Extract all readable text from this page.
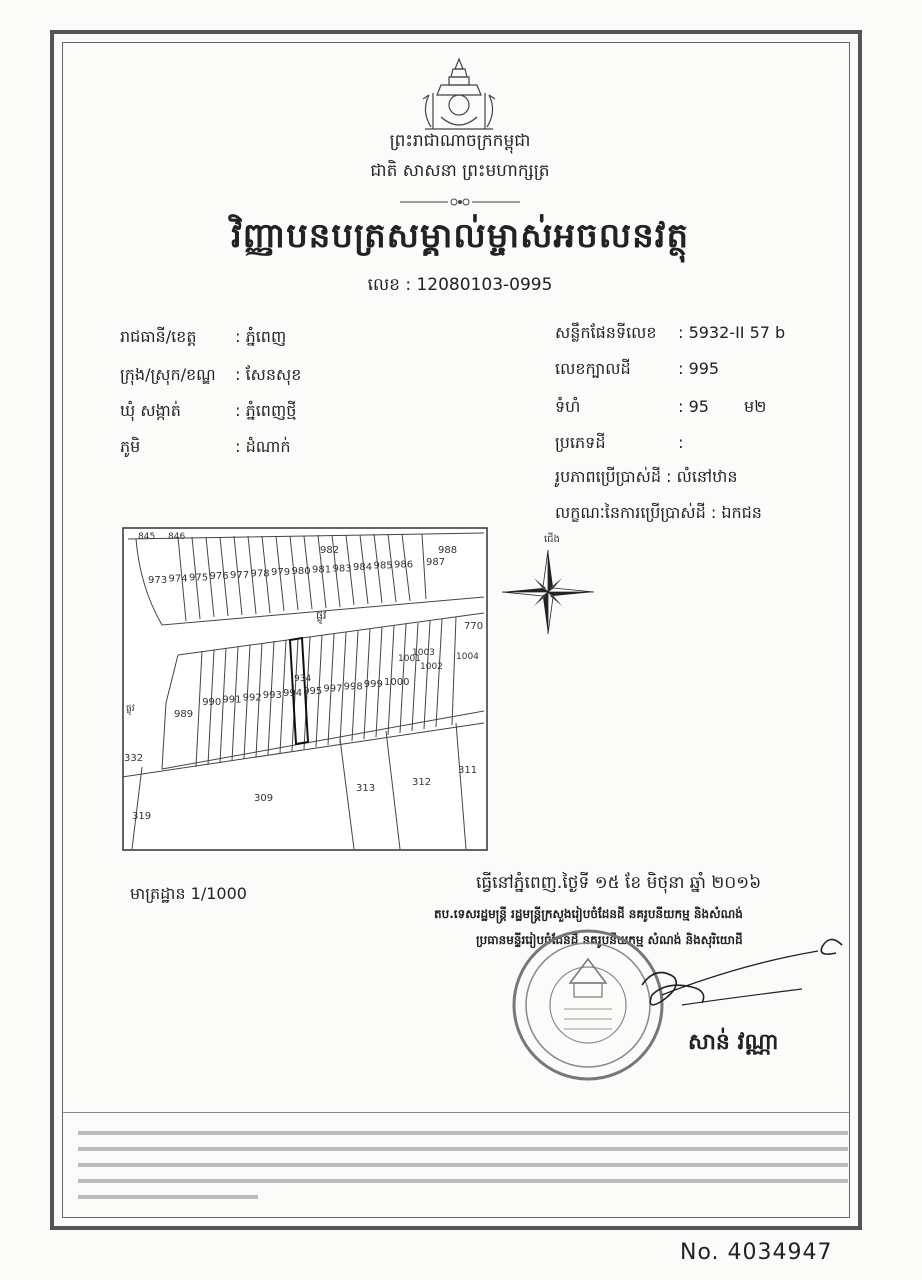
ព្រះរាជាណាចក្រកម្ពុជា
ជាតិ សាសនា ព្រះមហាក្សត្រ
វិញ្ញាបនបត្រសម្គាល់ម្ចាស់អចលនវត្ថុ
លេខ : 12080103-0995
រាជធានី/ខេត្ត : ភ្នំពេញ
ក្រុង/ស្រុក/ខណ្ឌ : សែនសុខ
ឃុំ សង្កាត់	: ភ្នំពេញថ្មី
ភូមិ	: ដំណាក់
សន្លឹកផែនទីលេខ : 5932-II 57 b
លេខក្បាលដី	: 995
ទំហំ	: 95 ម២
ប្រភេទដី	:
រូបភាពប្រើប្រាស់ដី : លំនៅឋាន
លក្ខណៈនៃការប្រើប្រាស់ដី : ឯកជន
845 846
973 974 975 976 977 978 979 980 981 983 984 985 986
982	988
987
ផ្លូវ
770
934
989
990 991 992 993 994 995 997 998 999 1000
1001
1002
1003 1004
ផ្លូវ
332
319
309
313
312
311
ជើង
មាត្រដ្ឋាន 1/1000
ធ្វើនៅភ្នំពេញ.ថ្ងៃទី ១៥ ខែ មិថុនា ឆ្នាំ ២០១៦
តប.ទេសរដ្ឋមន្ត្រី រដ្ឋមន្ត្រីក្រសួងរៀបចំដែនដី នគរូបនីយកម្ម និងសំណង់
ប្រធានមន្ទីររៀបចំដែនដី នគរូបនីយកម្ម សំណង់ និងសុរិយោដី
សាន់ វណ្ណា
No. 4034947
